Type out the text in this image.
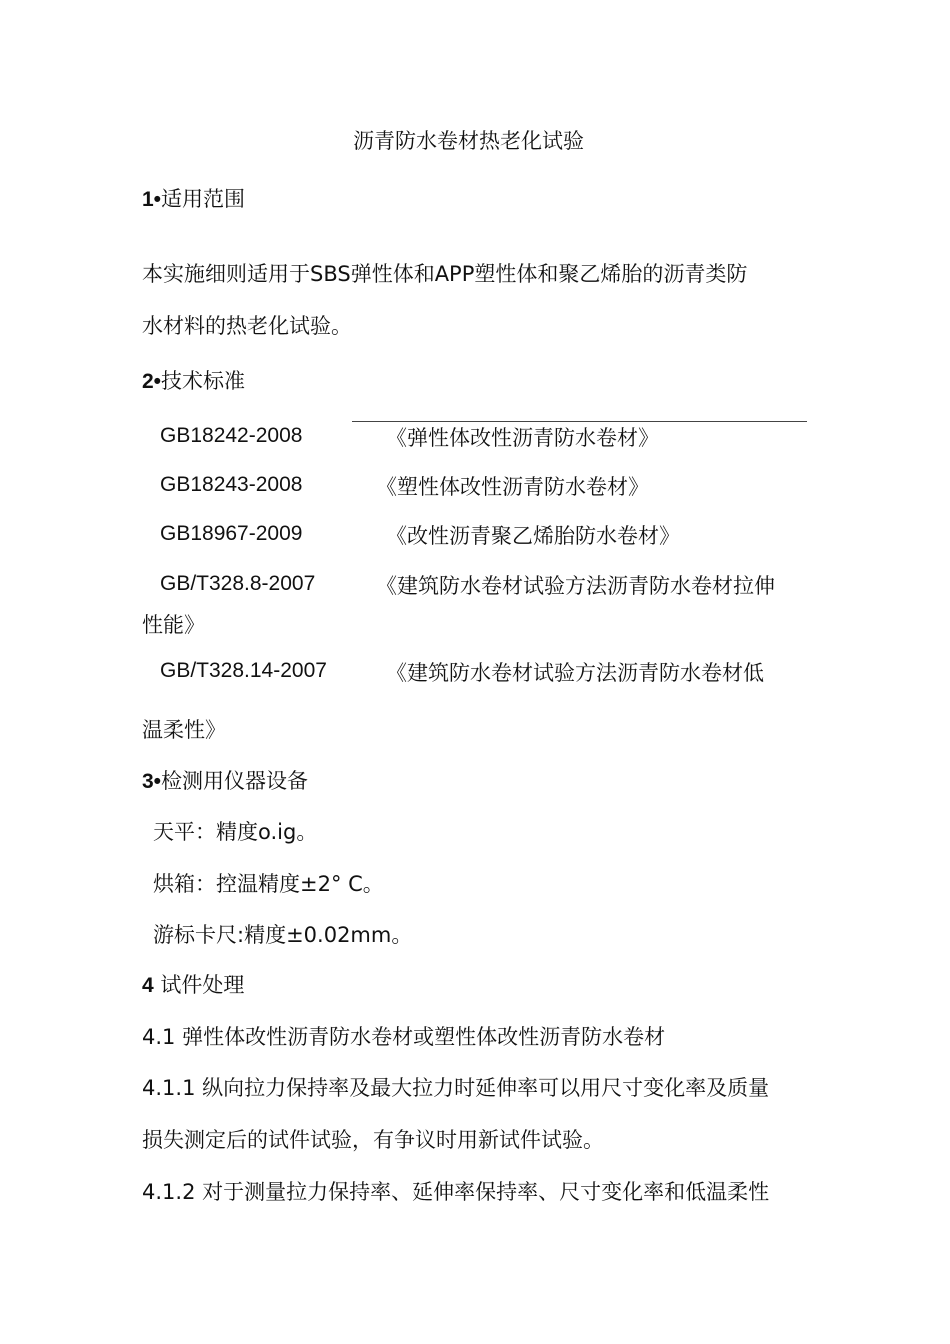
沥青防水卷材热老化试验
1•适用范围
本实施细则适用于SBS弹性体和APP塑性体和聚乙烯胎的沥青类防
水材料的热老化试验。
2•技术标准
GB18242-2008	《弹性体改性沥青防水卷材》
GB18243-2008	《塑性体改性沥青防水卷材》
GB18967-2009	《改性沥青聚乙烯胎防水卷材》
GB/T328.8-2007	《建筑防水卷材试验方法沥青防水卷材拉伸
性能》
GB/T328.14-2007	《建筑防水卷材试验方法沥青防水卷材低
温柔性》
3•检测用仪器设备
天平：精度o.ig。
烘箱：控温精度±2° C。
游标卡尺:精度±0.02mm。
4 试件处理
4.1 弹性体改性沥青防水卷材或塑性体改性沥青防水卷材
4.1.1 纵向拉力保持率及最大拉力时延伸率可以用尺寸变化率及质量
损失测定后的试件试验，有争议时用新试件试验。
4.1.2 对于测量拉力保持率、延伸率保持率、尺寸变化率和低温柔性
